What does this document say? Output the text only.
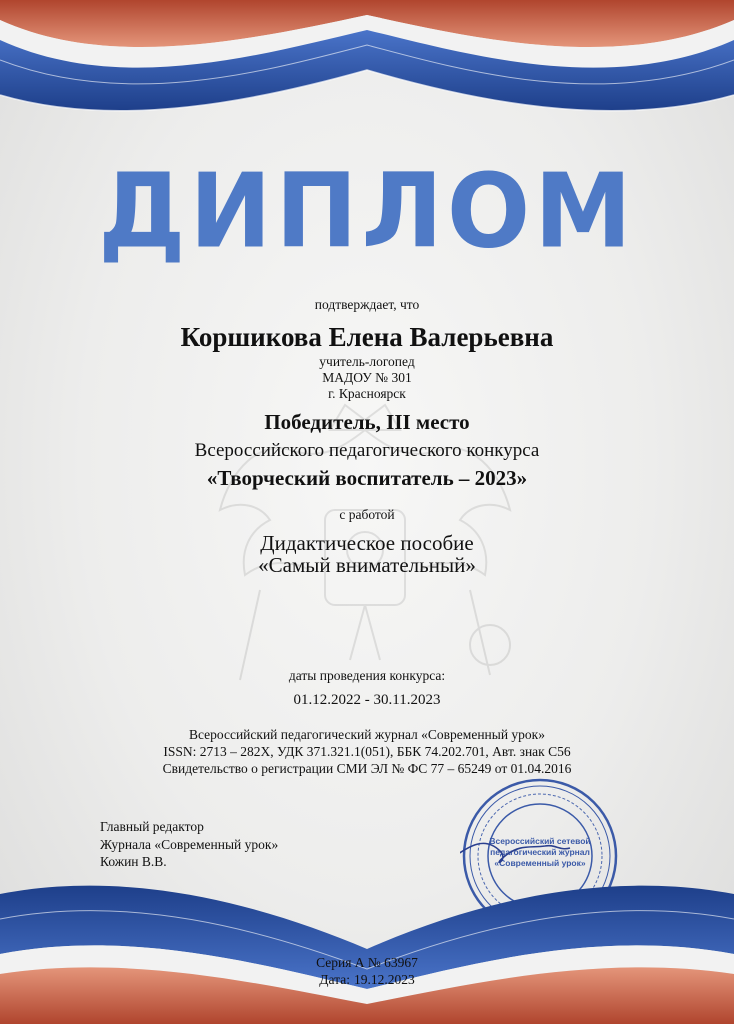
ДИПЛОМ
подтверждает, что
Коршикова Елена Валерьевна
учитель-логопед
МАДОУ № 301
г. Красноярск
Победитель, III место
Всероссийского педагогического конкурса
«Творческий воспитатель – 2023»
с работой
Дидактическое пособие
«Самый внимательный»
даты проведения конкурса:
01.12.2022 - 30.11.2023
Всероссийский педагогический журнал «Современный урок»
ISSN: 2713 – 282X, УДК 371.321.1(051), ББК 74.202.701, Авт. знак С56
Свидетельство о регистрации СМИ ЭЛ № ФС 77 – 65249 от 01.04.2016
Главный редактор
Журнала «Современный урок»
Кожин В.В.
Всероссийский сетевой
педагогический журнал
«Современный урок»
Серия А № 63967
Дата: 19.12.2023
